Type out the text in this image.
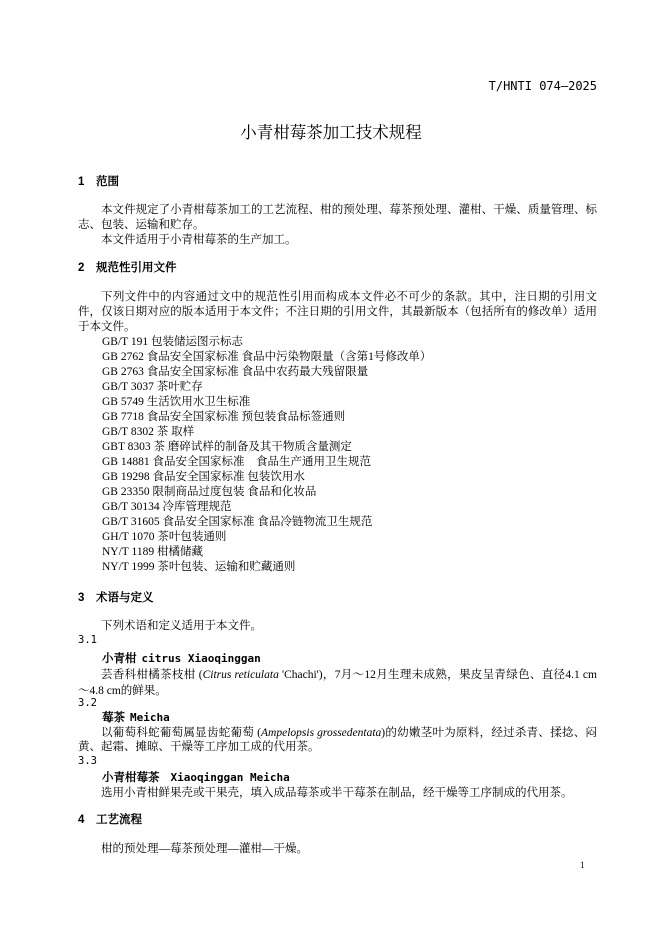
T/HNTI 074—2025
小青柑莓茶加工技术规程
1 范围
本文件规定了小青柑莓茶加工的工艺流程、柑的预处理、莓茶预处理、灌柑、干燥、质量管理、标志、包装、运输和贮存。
本文件适用于小青柑莓茶的生产加工。
2 规范性引用文件
下列文件中的内容通过文中的规范性引用而构成本文件必不可少的条款。其中，注日期的引用文件，仅该日期对应的版本适用于本文件；不注日期的引用文件，其最新版本（包括所有的修改单）适用于本文件。
GB/T 191 包装储运图示标志
GB 2762 食品安全国家标准 食品中污染物限量（含第1号修改单）
GB 2763 食品安全国家标准 食品中农药最大残留限量
GB/T 3037 茶叶贮存
GB 5749 生活饮用水卫生标准
GB 7718 食品安全国家标准 预包装食品标签通则
GB/T 8302 茶 取样
GBT 8303 茶 磨碎试样的制备及其干物质含量测定
GB 14881 食品安全国家标准　食品生产通用卫生规范
GB 19298 食品安全国家标准 包装饮用水
GB 23350 限制商品过度包装 食品和化妆品
GB/T 30134 冷库管理规范
GB/T 31605 食品安全国家标准 食品冷链物流卫生规范
GH/T 1070 茶叶包装通则
NY/T 1189 柑橘储藏
NY/T 1999 茶叶包装、运输和贮藏通则
3 术语与定义
下列术语和定义适用于本文件。
3.1
小青柑 citrus Xiaoqinggan
芸香科柑橘茶枝柑 (Citrus reticulata 'Chachi')，7月～12月生理未成熟，果皮呈青绿色、直径4.1 cm～4.8 cm的鲜果。
3.2
莓茶 Meicha
以葡萄科蛇葡萄属显齿蛇葡萄 (Ampelopsis grossedentata)的幼嫩茎叶为原料，经过杀青、揉捻、闷黄、起霜、摊晾、干燥等工序加工成的代用茶。
3.3
小青柑莓茶 Xiaoqinggan Meicha
选用小青柑鲜果壳或干果壳，填入成品莓茶或半干莓茶在制品，经干燥等工序制成的代用茶。
4 工艺流程
柑的预处理—莓茶预处理—灌柑—干燥。
1
